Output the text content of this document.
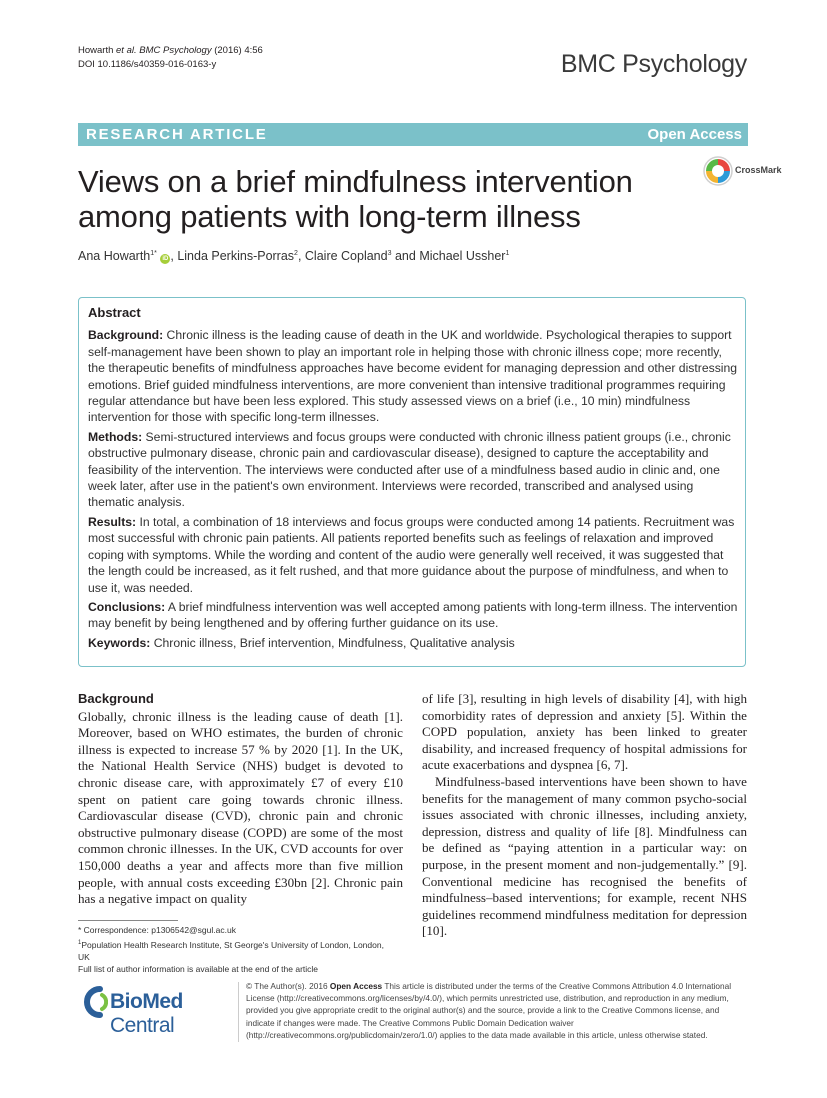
Howarth et al. BMC Psychology (2016) 4:56
DOI 10.1186/s40359-016-0163-y	BMC Psychology
RESEARCH ARTICLE	Open Access
Views on a brief mindfulness intervention among patients with long-term illness
CrossMark
Ana Howarth$^{1*}$ iD , Linda Perkins-Porras$^2$, Claire Copland$^3$ and Michael Ussher$^1$
Abstract

Background: Chronic illness is the leading cause of death in the UK and worldwide. Psychological therapies to support self-management have been shown to play an important role in helping those with chronic illness cope; more recently, the therapeutic benefits of mindfulness approaches have become evident for managing depression and other distressing emotions. Brief guided mindfulness interventions, are more convenient than intensive traditional programmes requiring regular attendance but have been less explored. This study assessed views on a brief (i.e., 10 min) mindfulness intervention for those with specific long-term illnesses.

Methods: Semi-structured interviews and focus groups were conducted with chronic illness patient groups (i.e., chronic obstructive pulmonary disease, chronic pain and cardiovascular disease), designed to capture the acceptability and feasibility of the intervention. The interviews were conducted after use of a mindfulness based audio in clinic and, one week later, after use in the patient's own environment. Interviews were recorded, transcribed and analysed using thematic analysis.

Results: In total, a combination of 18 interviews and focus groups were conducted among 14 patients. Recruitment was most successful with chronic pain patients. All patients reported benefits such as feelings of relaxation and improved coping with symptoms. While the wording and content of the audio were generally well received, it was suggested that the length could be increased, as it felt rushed, and that more guidance about the purpose of mindfulness, and when to use it, was needed.

Conclusions: A brief mindfulness intervention was well accepted among patients with long-term illness. The intervention may benefit by being lengthened and by offering further guidance on its use.

Keywords: Chronic illness, Brief intervention, Mindfulness, Qualitative analysis

Background

Globally, chronic illness is the leading cause of death [1]. Moreover, based on WHO estimates, the burden of chronic illness is expected to increase 57 % by 2020 [1]. In the UK, the National Health Service (NHS) budget is devoted to chronic disease care, with approximately £7 of every £10 spent on patient care going towards chronic illness. Cardiovascular disease (CVD), chronic pain and chronic obstructive pulmonary disease (COPD) are some of the most common chronic illnesses. In the UK, CVD accounts for over 150,000 deaths a year and affects more than five million people, with annual costs exceeding £30bn [2]. Chronic pain has a negative impact on quality

of life [3], resulting in high levels of disability [4], with high comorbidity rates of depression and anxiety [5]. Within the COPD population, anxiety has been linked to greater disability, and increased frequency of hospital admissions for acute exacerbations and dyspnea [6, 7].

Mindfulness-based interventions have been shown to have benefits for the management of many common psycho-social issues associated with chronic illnesses, including anxiety, depression, distress and quality of life [8]. Mindfulness can be defined as “paying attention in a particular way: on purpose, in the present moment and non-judgementally.” [9]. Conventional medicine has recognised the benefits of mindfulness–based interventions; for example, recent NHS guidelines recommend mindfulness meditation for depression [10].

* Correspondence: p1306542@sgul.ac.uk

$^1$Population Health Research Institute, St George's University of London, London, UK

Full list of author information is available at the end of the article

BioMed Central
© The Author(s). 2016 Open Access This article is distributed under the terms of the Creative Commons Attribution 4.0 International License (http://creativecommons.org/licenses/by/4.0/), which permits unrestricted use, distribution, and reproduction in any medium, provided you give appropriate credit to the original author(s) and the source, provide a link to the Creative Commons license, and indicate if changes were made. The Creative Commons Public Domain Dedication waiver (http://creativecommons.org/publicdomain/zero/1.0/) applies to the data made available in this article, unless otherwise stated.
